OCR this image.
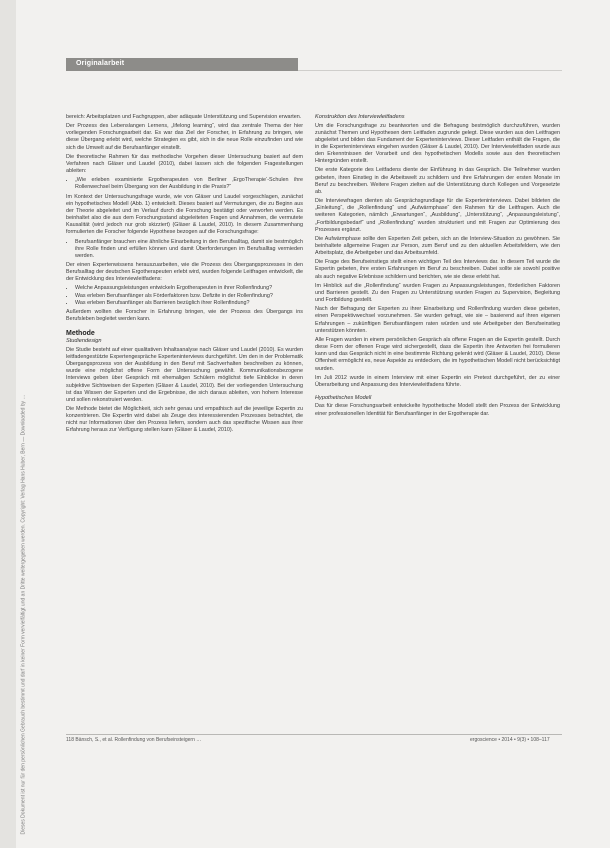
Dieses Dokument ist nur für den persönlichen Gebrauch bestimmt und darf in keiner Form vervielfältigt und an Dritte weitergegeben werden. Copyright: Verlag Hans Huber, Bern — Downloaded by …
Originalarbeit

bereich: Arbeitsplatzen und Fachgruppen, aber adäquate Unterstützung und Supervision erwarten.

Der Prozess des Lebenslangen Lernens, „lifelong learning“, wird das zentrale Thema der hier vorliegenden Forschungsarbeit dar. Es war das Ziel der Forscher, in Erfahrung zu bringen, wie diese Übergang erlebt wird, welche Strategien es gibt, sich in die neue Rolle einzufinden und wie sich die Umwelt auf die Berufsanfänger einstellt.

Die theoretische Rahmen für das methodische Vorgehen dieser Untersuchung basiert auf dem Verfahren nach Gläser und Laudel (2010), dabei lassen sich die folgenden Fragestellungen ableiten:

• „Wie erleben examinierte Ergotherapeuten von Berliner ‚ErgoTherapie‘-Schulen ihre Rollenwechsel beim Übergang von der Ausbildung in die Praxis?“

Im Kontext der Untersuchungsfrage wurde, wie von Gläser und Laudel vorgeschlagen, zunächst ein hypothetisches Modell (Abb. 1) entwickelt. Dieses basiert auf Vermutungen, die zu Beginn aus der Theorie abgeleitet und im Verlauf durch die Forschung bestätigt oder verworfen werden. Es beinhaltet also die aus dem Forschungsstand abgeleiteten Fragen und Annahmen, die vermutete Kausalität (wird jedoch nur grob skizziert) (Gläser & Laudel, 2010). In diesem Zusammenhang formulierten die Forscher folgende Hypothese bezogen auf die Forschungsfrage:

• Berufsanfänger brauchen eine ähnliche Einarbeitung in den Berufsalltag, damit sie bestmöglich ihre Rolle finden und erfüllen können und damit Überforderungen im Berufsalltag vermieden werden.

Der einen Expertenwissens herauszuarbeiten, wie die Prozess des Übergangsprozesses in den Berufsalltag der deutschen Ergotherapeuten erlebt wird, wurden folgende Leitfragen entwickelt, die der Entwicklung des Interviewleitfadens:

• Welche Anpassungsleistungen entwickeln Ergotherapeuten in ihrer Rollenfindung?
• Was erleben Berufsanfänger als Förderfaktoren bzw. Defizite in der Rollenfindung?
• Was erleben Berufsanfänger als Barrieren bezüglich ihrer Rollenfindung?

Außerdem wollten die Forscher in Erfahrung bringen, wie der Prozess des Übergangs ins Berufsleben begleitet werden kann.

Methode
Studiendesign

Die Studie besteht auf einer qualitativen Inhaltsanalyse nach Gläser und Laudel (2010). Es wurden leitfadengestützte Expertengespräche Experteninterviews durchgeführt. Um den in der Problematik Übergangsprozess von der Ausbildung in den Beruf mit Sachverhalten beschreiben zu können, wurde eine möglichst offene Form der Untersuchung gewählt. Kommunikationsbezogene Interviews geben über Gespräch mit ehemaligen Schülern möglichst tiefe Einblicke in deren subjektive Sichtweisen der Experten (Gläser & Laudel, 2010). Bei der vorliegenden Untersuchung ist das Wissen der Experten und die Ergebnisse, die sich daraus ableiten, von hohem Interesse und sollen rekonstruiert werden.

Die Methode bietet die Möglichkeit, sich sehr genau und empathisch auf die jeweilige Expertin zu konzentrieren. Die Expertin wird dabei als Zeuge des interessierenden Prozesses betrachtet, die nicht nur Informationen über den Prozess liefern, sondern auch das spezifische Wissen aus ihrer Erfahrung heraus zur Verfügung stellen kann (Gläser & Laudel, 2010).

Konstruktion des Interviewleitfadens

Um die Forschungsfrage zu beantworten und die Befragung bestmöglich durchzuführen, wurden zunächst Themen und Hypothesen dem Leitfaden zugrunde gelegt. Diese wurden aus den Leitfragen abgeleitet und bilden das Fundament der Experteninterviews. Dieser Leitfaden enthält die Fragen, die in die Experteninterviews eingehen wurden (Gläser & Laudel, 2010). Der Interviewleitfaden wurde aus den Erkenntnissen der Vorarbeit und des hypothetischen Modells sowie aus den theoretischen Hintergründen erstellt.

Die erste Kategorie des Leitfadens diente der Einführung in das Gespräch. Die Teilnehmer wurden gebeten, ihren Einstieg in die Arbeitswelt zu schildern und ihre Erfahrungen der ersten Monate im Beruf zu beschreiben. Weitere Fragen zielten auf die Unterstützung durch Kollegen und Vorgesetzte ab.

Die Interviewfragen dienten als Gesprächsgrundlage für die Experteninterviews. Dabei bildeten die „Einleitung“, die „Rollenfindung“ und „Aufwärmphase“ den Rahmen für die Leitfragen. Auch die weiteren Kategorien, nämlich „Erwartungen“, „Ausbildung“, „Unterstützung“, „Anpassungsleistung“, „Fortbildungsbedarf“ und „Rollenfindung“ wurden strukturiert und mit Fragen zur Optimierung des Prozesses ergänzt.

Die Aufwärmphase sollte den Experten Zeit geben, sich an die Interview-Situation zu gewöhnen. Sie beinhaltete allgemeine Fragen zur Person, zum Beruf und zu den aktuellen Arbeitsfeldern, wie den Arbeitsplatz, die Arbeitgeber und das Arbeitsumfeld.

Die Frage des Berufseinstiegs stellt einen wichtigen Teil des Interviews dar. In diesem Teil wurde die Expertin gebeten, ihre ersten Erfahrungen im Beruf zu beschreiben. Dabei sollte sie sowohl positive als auch negative Erlebnisse schildern und berichten, wie sie diese erlebt hat.

Im Hinblick auf die „Rollenfindung“ wurden Fragen zu Anpassungsleistungen, förderlichen Faktoren und Barrieren gestellt. Zu den Fragen zu Unterstützung wurden Fragen zu Supervision, Begleitung und Fortbildung gestellt.

Nach der Befragung der Experten zu ihrer Einarbeitung und Rollenfindung wurden diese gebeten, einen Perspektivwechsel vorzunehmen. Sie wurden gefragt, wie sie – basierend auf ihren eigenen Erfahrungen – zukünftigen Berufsanfängern raten würden und wie Arbeitgeber den Berufseinstieg unterstützen könnten.

Alle Fragen wurden in einem persönlichen Gespräch als offene Fragen an die Expertin gestellt. Durch diese Form der offenen Frage wird sichergestellt, dass die Expertin ihre Antworten frei formulieren kann und das Gespräch nicht in eine bestimmte Richtung gelenkt wird (Gläser & Laudel, 2010). Diese Offenheit ermöglicht es, neue Aspekte zu entdecken, die im hypothetischen Modell nicht berücksichtigt wurden.

Im Juli 2012 wurde in einem Interview mit einer Expertin ein Pretest durchgeführt, der zu einer Überarbeitung und Anpassung des Interviewleitfadens führte.

Hypothetisches Modell

Das für diese Forschungsarbeit entwickelte hypothetische Modell stellt den Prozess der Entwicklung einer professionellen Identität für Berufsanfänger in der Ergotherapie dar.

118 Bänsch, S., et al. Rollenfindung von Berufseinsteigern …	ergoscience • 2014 • 9(3) • 108–117
